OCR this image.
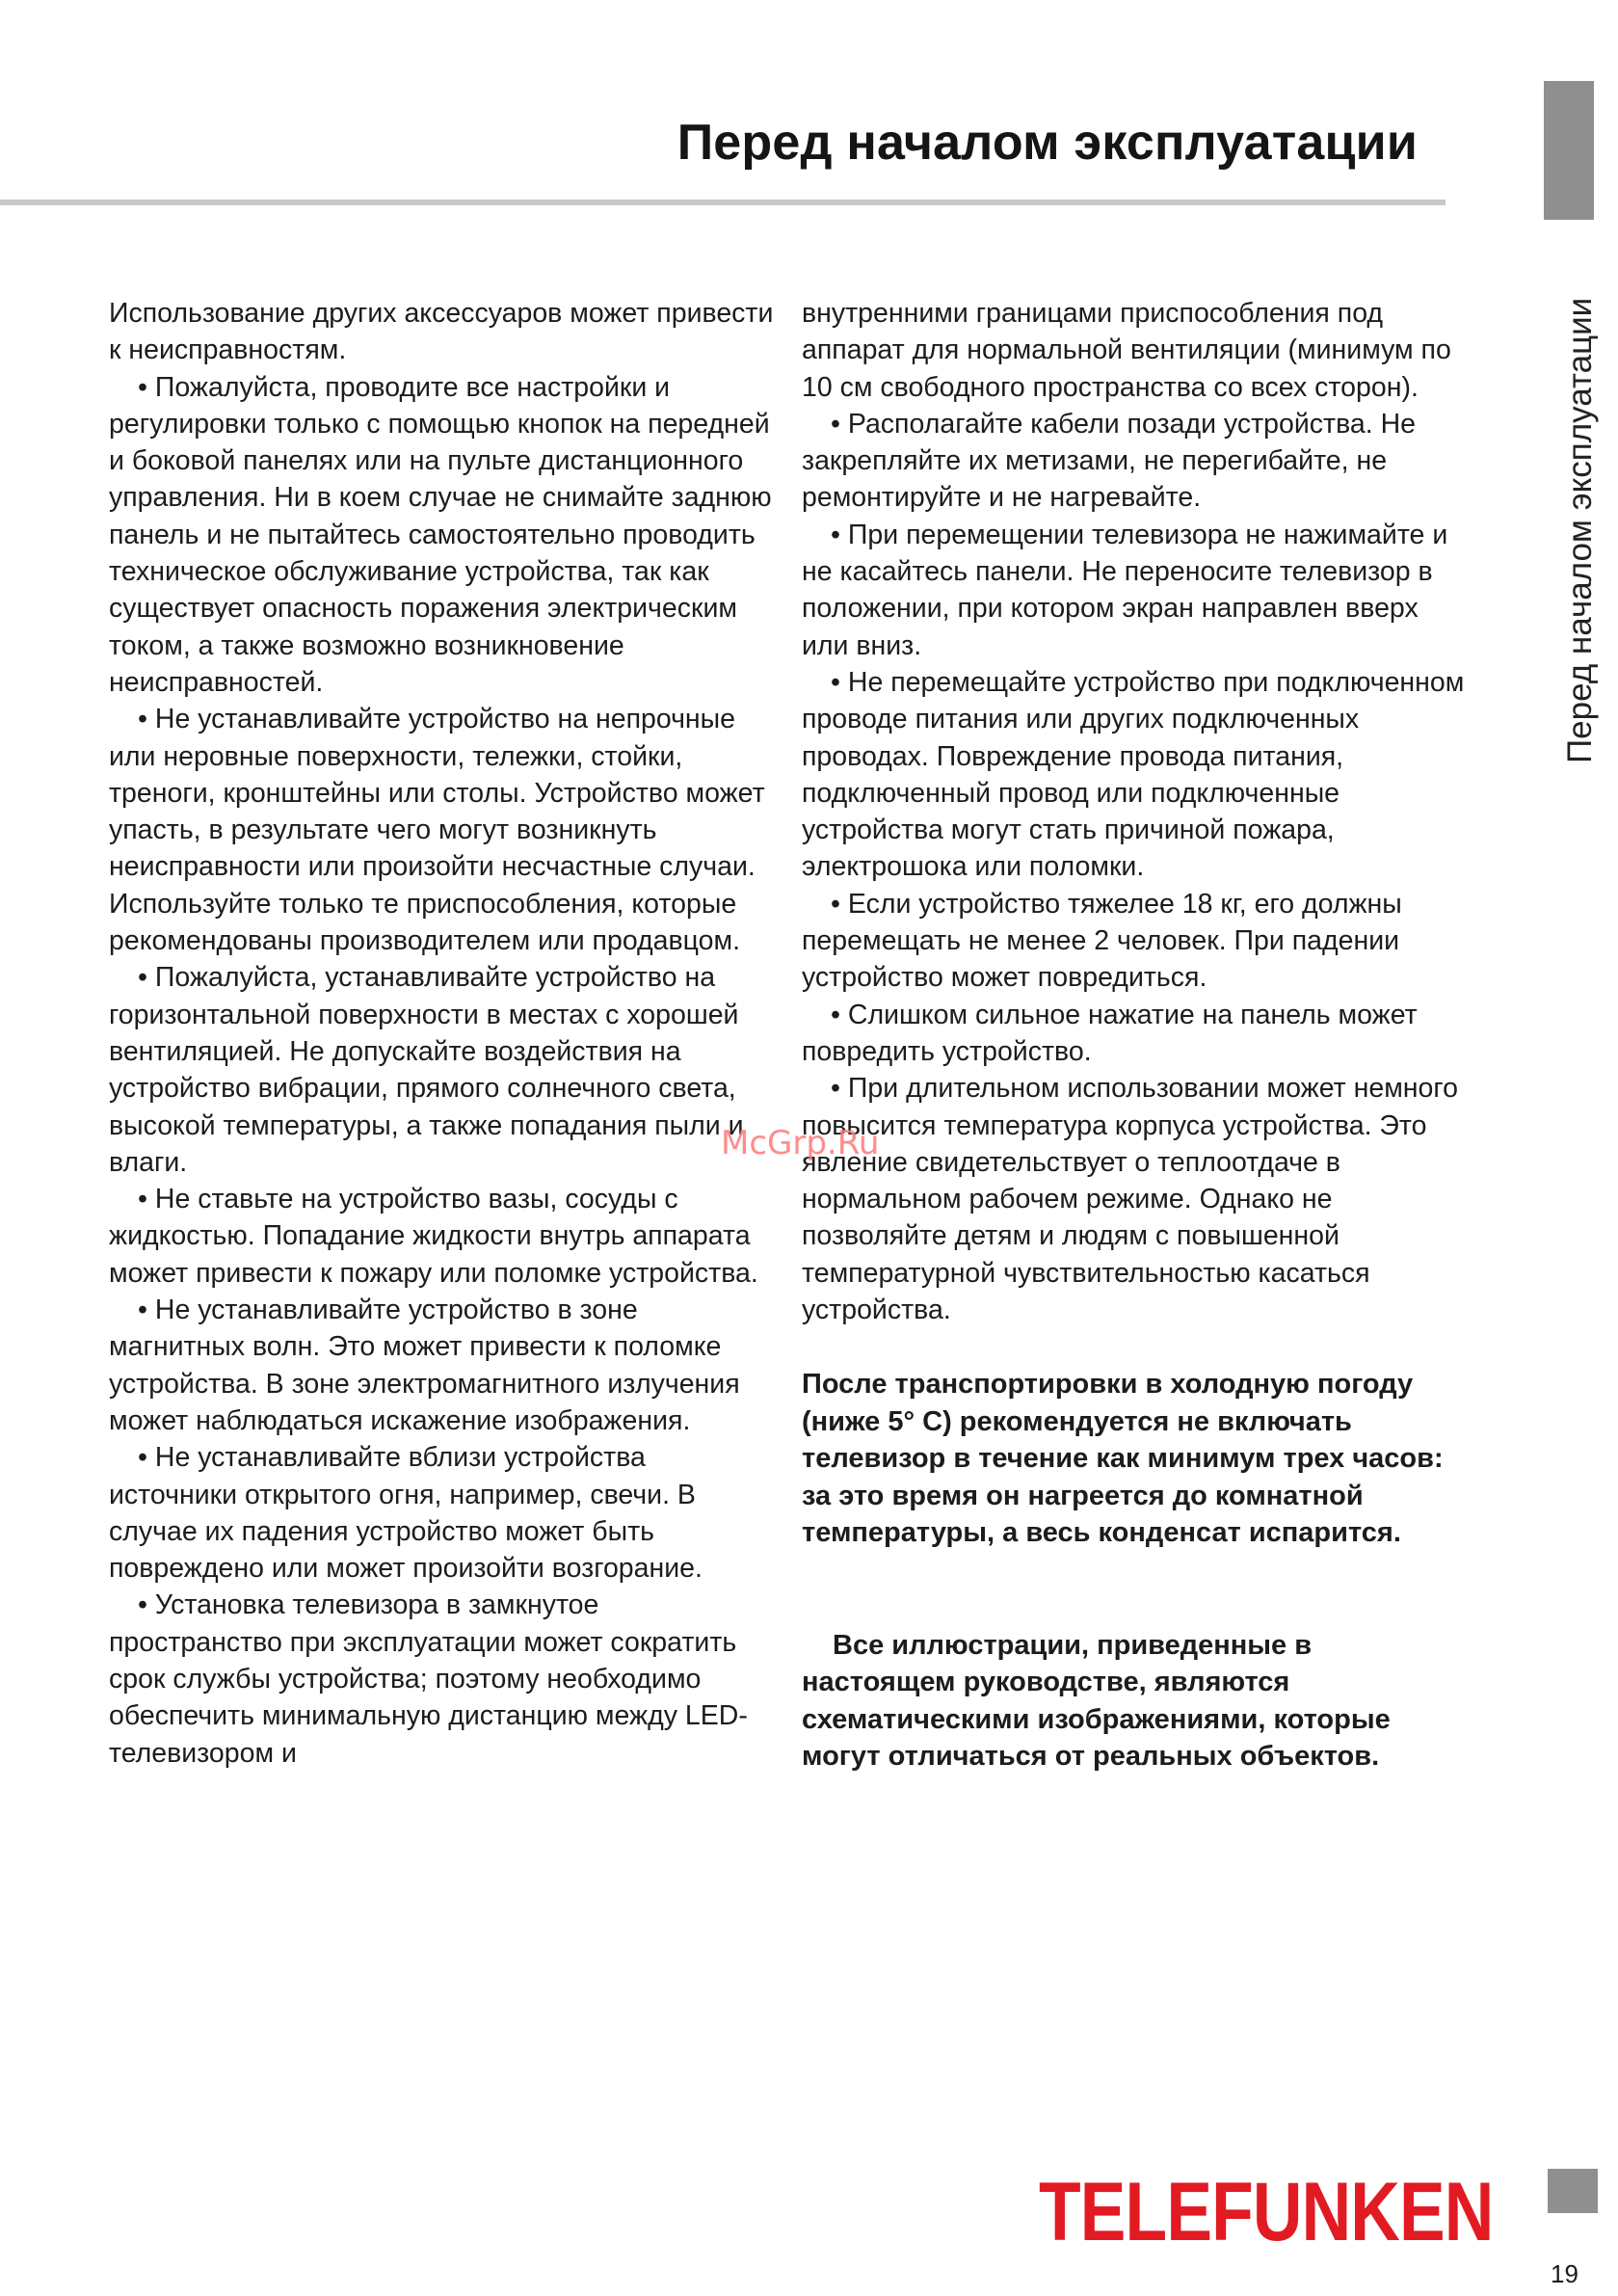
Перед началом эксплуатации
Перед началом эксплуатации

Использование других аксессуаров может привести к неисправностям.

• Пожалуйста, проводите все настройки и регулировки только с помощью кнопок на передней и боковой панелях или на пульте дистанционного управления. Ни в коем случае не снимайте заднюю панель и не пытайтесь самостоятельно проводить техническое обслуживание устройства, так как существует опасность поражения электрическим током, а также возможно возникновение неисправностей.

• Не устанавливайте устройство на непрочные или неровные поверхности, тележки, стойки, треноги, кронштейны или столы. Устройство может упасть, в результате чего могут возникнуть неисправности или произойти несчастные случаи. Используйте только те приспособления, которые рекомендованы производителем или продавцом.

• Пожалуйста, устанавливайте устройство на горизонтальной поверхности в местах с хорошей вентиляцией. Не допускайте воздействия на устройство вибрации, прямого солнечного света, высокой температуры, а также попадания пыли и влаги.

• Не ставьте на устройство вазы, сосуды с жидкостью. Попадание жидкости внутрь аппарата может привести к пожару или поломке устройства.

• Не устанавливайте устройство в зоне магнитных волн. Это может привести к поломке устройства. В зоне электромагнитного излучения может наблюдаться искажение изображения.

• Не устанавливайте вблизи устройства источники открытого огня, например, свечи. В случае их падения устройство может быть повреждено или может произойти возгорание.

• Установка телевизора в замкнутое пространство при эксплуатации может сократить срок службы устройства; поэтому необходимо обеспечить минимальную дистанцию между LED-телевизором и

внутренними границами приспособления под аппарат для нормальной вентиляции (минимум по 10 см свободного пространства со всех сторон).

• Располагайте кабели позади устройства. Не закрепляйте их метизами, не перегибайте, не ремонтируйте и не нагревайте.

• При перемещении телевизора не нажимайте и не касайтесь панели. Не переносите телевизор в положении, при котором экран направлен вверх или вниз.

• Не перемещайте устройство при подключенном проводе питания или других подключенных проводах. Повреждение провода питания, подключенный провод или подключенные устройства могут стать причиной пожара, электрошока или поломки.

• Если устройство тяжелее 18 кг, его должны перемещать не менее 2 человек. При падении устройство может повредиться.

• Слишком сильное нажатие на панель может повредить устройство.

• При длительном использовании может немного повысится температура корпуса устройства. Это явление свидетельствует о теплоотдаче в нормальном рабочем режиме. Однако не позволяйте детям и людям с повышенной температурной чувствительностью касаться устройства.

После транспортировки в холодную погоду (ниже 5° С) рекомендуется не включать телевизор в течение как минимум трех часов: за это время он нагреется до комнатной температуры, а весь конденсат испарится.

Все иллюстрации, приведенные в настоящем руководстве, являются схематическими изображениями, которые могут отличаться от реальных объектов.

McGrp.Ru
TELEFUNKEN
19
